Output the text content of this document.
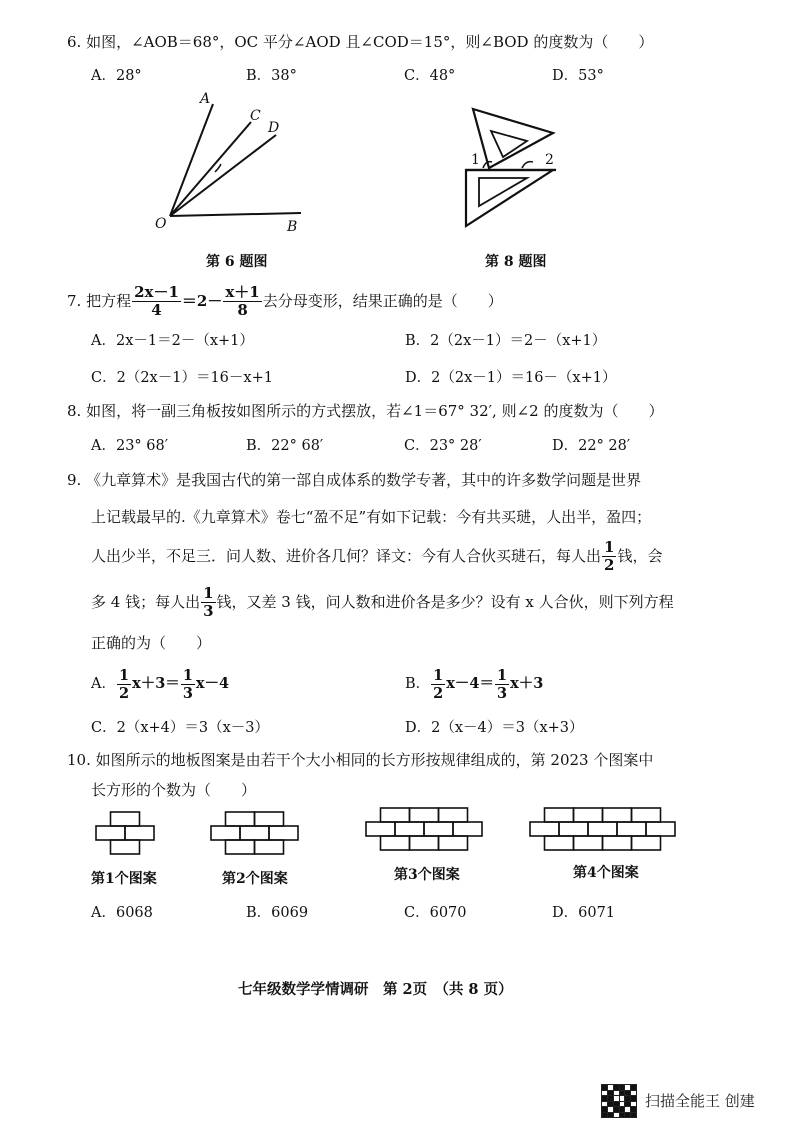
6. 如图，∠AOB＝68°，OC 平分∠AOD 且∠COD＝15°，则∠BOD 的度数为（　　）
A．28°	B．38°	C．48°	D．53°
A
C
D
O	B
第 6 题图
1	2
第 8 题图
7. 把方程 $\frac{2x-1}{4} =2- \frac{x+1}{8}$ 去分母变形，结果正确的是（　　）
A．2x－1＝2－（x+1）	B．2（2x－1）＝2－（x+1）
C．2（2x－1）＝16－x+1	D．2（2x－1）＝16－（x+1）
8. 如图，将一副三角板按如图所示的方式摆放，若∠1＝67° 32′, 则∠2 的度数为（　　）
A．23° 68′	B．22° 68′	C．23° 28′	D．22° 28′
9. 《九章算术》是我国古代的第一部自成体系的数学专著，其中的许多数学问题是世界
上记载最早的.《九章算术》卷七“盈不足”有如下记载：今有共买琎，人出半，盈四；
人出少半，不足三．问人数、进价各几何？译文：今有人合伙买琎石，每人出 $\frac{1}{2}$ 钱，会
多 4 钱；每人出 $\frac{1}{3}$ 钱，又差 3 钱，问人数和进价各是多少？设有 x 人合伙，则下列方程
正确的为（　　）
A． $\frac{1}{2} x+3= \frac{1}{3} x-4$	B． $\frac{1}{2} x-4= \frac{1}{3} x+3$
C．2（x+4）＝3（x－3）	D．2（x－4）＝3（x+3）
10. 如图所示的地板图案是由若干个大小相同的长方形按规律组成的，第 2023 个图案中
长方形的个数为（　　）
第1个图案	第2个图案	第3个图案	第4个图案
A．6068	B．6069	C．6070	D．6071
七年级数学学情调研　第 2页　（共 8 页）
扫描全能王 创建
